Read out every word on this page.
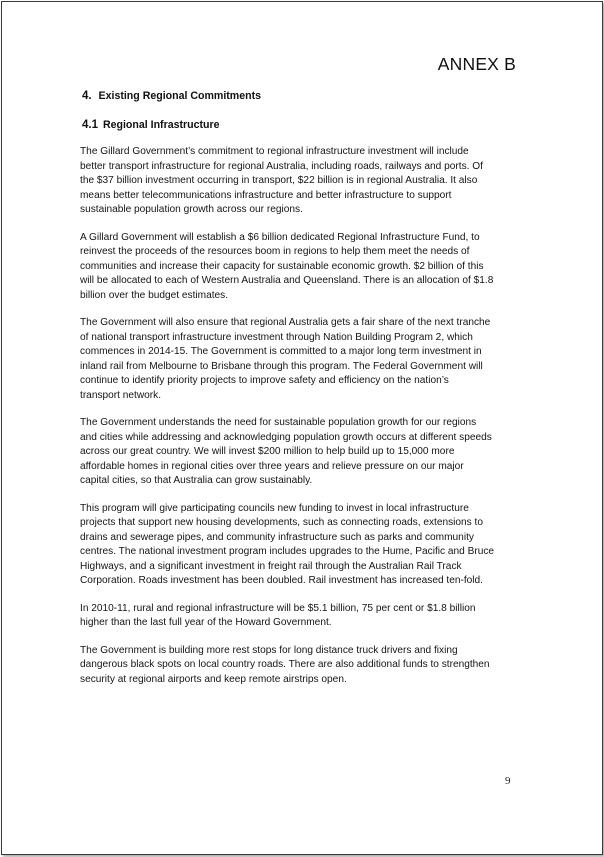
ANNEX B
4. Existing Regional Commitments
4.1 Regional Infrastructure

The Gillard Government’s commitment to regional infrastructure investment will include
better transport infrastructure for regional Australia, including roads, railways and ports. Of
the $37 billion investment occurring in transport, $22 billion is in regional Australia. It also
means better telecommunications infrastructure and better infrastructure to support
sustainable population growth across our regions.

A Gillard Government will establish a $6 billion dedicated Regional Infrastructure Fund, to
reinvest the proceeds of the resources boom in regions to help them meet the needs of
communities and increase their capacity for sustainable economic growth. $2 billion of this
will be allocated to each of Western Australia and Queensland. There is an allocation of $1.8
billion over the budget estimates.

The Government will also ensure that regional Australia gets a fair share of the next tranche
of national transport infrastructure investment through Nation Building Program 2, which
commences in 2014-15. The Government is committed to a major long term investment in
inland rail from Melbourne to Brisbane through this program. The Federal Government will
continue to identify priority projects to improve safety and efficiency on the nation’s
transport network.

The Government understands the need for sustainable population growth for our regions
and cities while addressing and acknowledging population growth occurs at different speeds
across our great country. We will invest $200 million to help build up to 15,000 more
affordable homes in regional cities over three years and relieve pressure on our major
capital cities, so that Australia can grow sustainably.

This program will give participating councils new funding to invest in local infrastructure
projects that support new housing developments, such as connecting roads, extensions to
drains and sewerage pipes, and community infrastructure such as parks and community
centres. The national investment program includes upgrades to the Hume, Pacific and Bruce
Highways, and a significant investment in freight rail through the Australian Rail Track
Corporation. Roads investment has been doubled. Rail investment has increased ten-fold.

In 2010-11, rural and regional infrastructure will be $5.1 billion, 75 per cent or $1.8 billion
higher than the last full year of the Howard Government.

The Government is building more rest stops for long distance truck drivers and fixing
dangerous black spots on local country roads. There are also additional funds to strengthen
security at regional airports and keep remote airstrips open.

9
